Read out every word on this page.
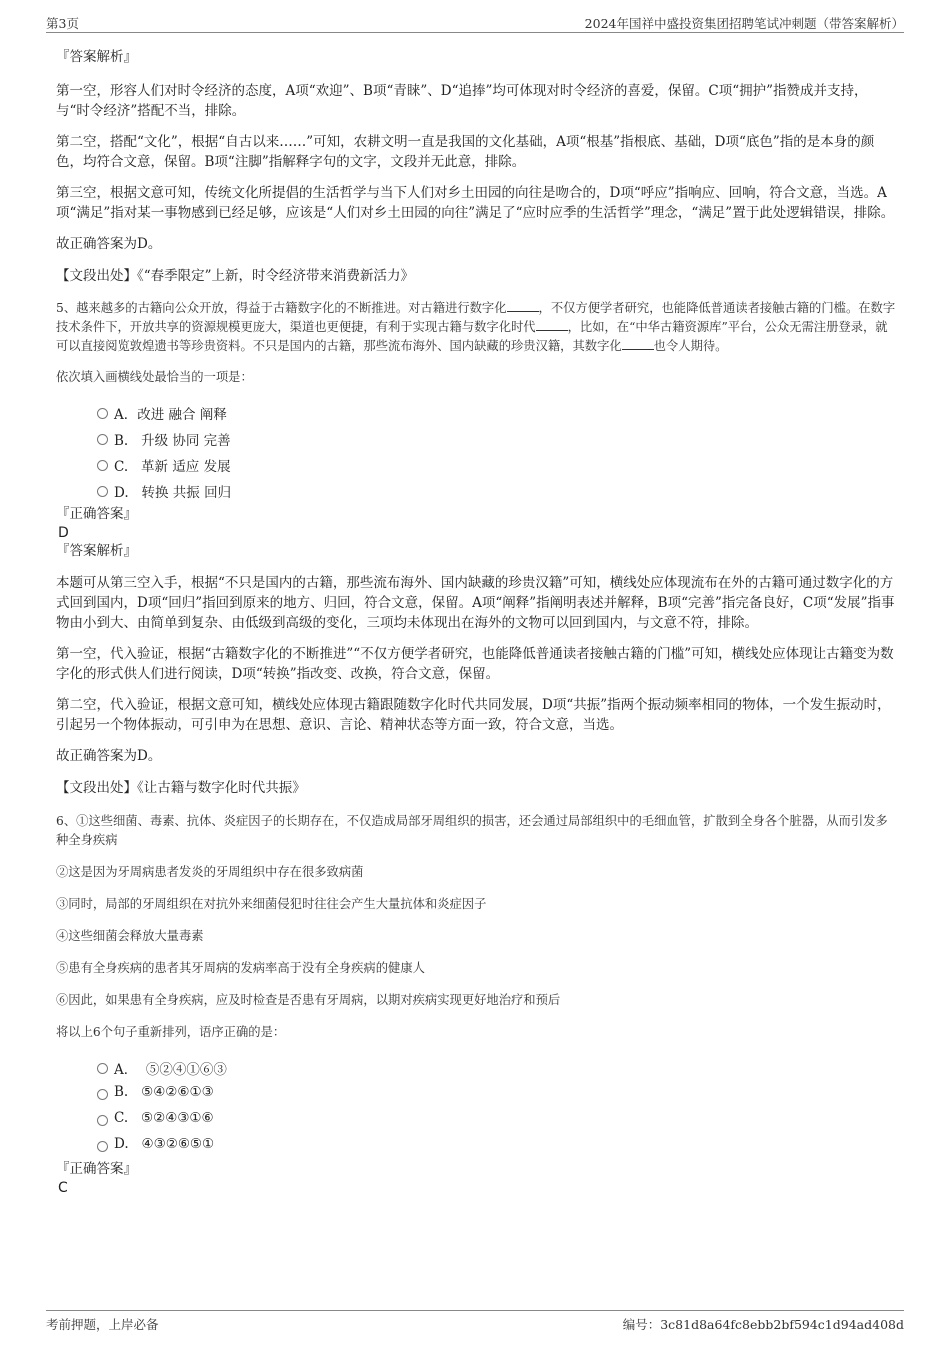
第3页	2024年国祥中盛投资集团招聘笔试冲刺题（带答案解析）

『答案解析』

第一空，形容人们对时令经济的态度，A项“欢迎”、B项“青睐”、D“追捧”均可体现对时令经济的喜爱，保留。C项“拥护”指赞成并支持，与“时令经济”搭配不当，排除。

第二空，搭配“文化”，根据“自古以来……”可知，农耕文明一直是我国的文化基础，A项“根基”指根底、基础，D项“底色”指的是本身的颜色，均符合文意，保留。B项“注脚”指解释字句的文字，文段并无此意，排除。

第三空，根据文意可知，传统文化所提倡的生活哲学与当下人们对乡土田园的向往是吻合的，D项“呼应”指响应、回响，符合文意，当选。A项“满足”指对某一事物感到已经足够，应该是“人们对乡土田园的向往”满足了“应时应季的生活哲学”理念，“满足”置于此处逻辑错误，排除。

故正确答案为D。

【文段出处】《“春季限定”上新，时令经济带来消费新活力》

5、越来越多的古籍向公众开放，得益于古籍数字化的不断推进。对古籍进行数字化	，不仅方便学者研究，也能降低普通读者接触古籍的门槛。在数字技术条件下，开放共享的资源规模更庞大，渠道也更便捷，有利于实现古籍与数字化时代	，比如，在“中华古籍资源库”平台，公众无需注册登录，就可以直接阅览敦煌遗书等珍贵资料。不只是国内的古籍，那些流布海外、国内缺藏的珍贵汉籍，其数字化	也令人期待。

依次填入画横线处最恰当的一项是：

A．改进 融合 阐释
B.   升级 协同 完善
C.   革新 适应 发展
D.   转换 共振 回归

『正确答案』

D

『答案解析』

本题可从第三空入手，根据“不只是国内的古籍，那些流布海外、国内缺藏的珍贵汉籍”可知，横线处应体现流布在外的古籍可通过数字化的方式回到国内，D项“回归”指回到原来的地方、归回，符合文意，保留。A项“阐释”指阐明表述并解释，B项“完善”指完备良好，C项“发展”指事物由小到大、由简单到复杂、由低级到高级的变化，三项均未体现出在海外的文物可以回到国内，与文意不符，排除。

第一空，代入验证，根据“古籍数字化的不断推进”“不仅方便学者研究，也能降低普通读者接触古籍的门槛”可知，横线处应体现让古籍变为数字化的形式供人们进行阅读，D项“转换”指改变、改换，符合文意，保留。

第二空，代入验证，根据文意可知，横线处应体现古籍跟随数字化时代共同发展，D项“共振”指两个振动频率相同的物体，一个发生振动时，引起另一个物体振动，可引申为在思想、意识、言论、精神状态等方面一致，符合文意，当选。

故正确答案为D。

【文段出处】《让古籍与数字化时代共振》

6、①这些细菌、毒素、抗体、炎症因子的长期存在，不仅造成局部牙周组织的损害，还会通过局部组织中的毛细血管，扩散到全身各个脏器，从而引发多种全身疾病

②这是因为牙周病患者发炎的牙周组织中存在很多致病菌

③同时，局部的牙周组织在对抗外来细菌侵犯时往往会产生大量抗体和炎症因子

④这些细菌会释放大量毒素

⑤患有全身疾病的患者其牙周病的发病率高于没有全身疾病的健康人

⑥因此，如果患有全身疾病，应及时检查是否患有牙周病，以期对疾病实现更好地治疗和预后

将以上6个句子重新排列，语序正确的是：

A．  ⑤②④①⑥③
B.   ⑤④②⑥①③
C.   ⑤②④③①⑥
D.   ④③②⑥⑤①

『正确答案』

C

考前押题，上岸必备	编号：3c81d8a64fc8ebb2bf594c1d94ad408d
